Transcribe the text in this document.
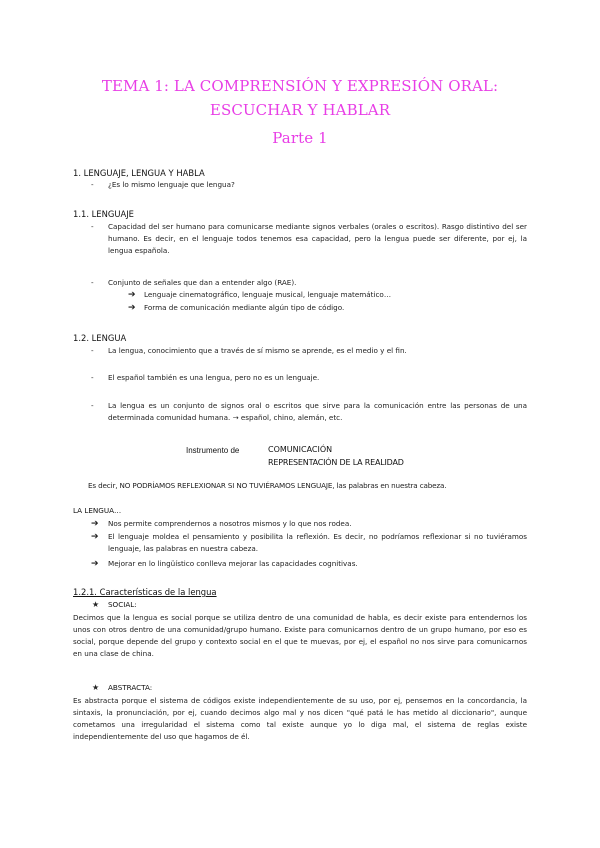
TEMA 1: LA COMPRENSIÓN Y EXPRESIÓN ORAL:
ESCUCHAR Y HABLAR
Parte 1
1. LENGUAJE, LENGUA Y HABLA
-	¿Es lo mismo lenguaje que lengua?
1.1. LENGUAJE
-	Capacidad del ser humano para comunicarse mediante signos verbales (orales o escritos). Rasgo distintivo del ser humano. Es decir, en el lenguaje todos tenemos esa capacidad, pero la lengua puede ser diferente, por ej, la lengua española.
-	Conjunto de señales que dan a entender algo (RAE).
➔ Lenguaje cinematográfico, lenguaje musical, lenguaje matemático…
➔ Forma de comunicación mediante algún tipo de código.
1.2. LENGUA
-	La lengua, conocimiento que a través de sí mismo se aprende, es el medio y el fin.
-	El español también es una lengua, pero no es un lenguaje.
-	La lengua es un conjunto de signos oral o escritos que sirve para la comunicación entre las personas de una determinada comunidad humana. → español, chino, alemán, etc.
Instrumento de	COMUNICACIÓN
REPRESENTACIÓN DE LA REALIDAD
Es decir, NO PODRÍAMOS REFLEXIONAR SI NO TUVIÉRAMOS LENGUAJE, las palabras en nuestra cabeza.
LA LENGUA…
➔ Nos permite comprendernos a nosotros mismos y lo que nos rodea.
➔ El lenguaje moldea el pensamiento y posibilita la reflexión. Es decir, no podríamos reflexionar si no tuviéramos lenguaje, las palabras en nuestra cabeza.
➔ Mejorar en lo lingüístico conlleva mejorar las capacidades cognitivas.
1.2.1. Características de la lengua
★ SOCIAL:
Decimos que la lengua es social porque se utiliza dentro de una comunidad de habla, es decir existe para entendernos los unos con otros dentro de una comunidad/grupo humano. Existe para comunicarnos dentro de un grupo humano, por eso es social, porque depende del grupo y contexto social en el que te muevas, por ej, el español no nos sirve para comunicarnos en una clase de china.
★ ABSTRACTA:
Es abstracta porque el sistema de códigos existe independientemente de su uso, por ej, pensemos en la concordancia, la sintaxis, la pronunciación, por ej, cuando decimos algo mal y nos dicen "qué patá le has metido al diccionario", aunque cometamos una irregularidad el sistema como tal existe aunque yo lo diga mal, el sistema de reglas existe independientemente del uso que hagamos de él.
